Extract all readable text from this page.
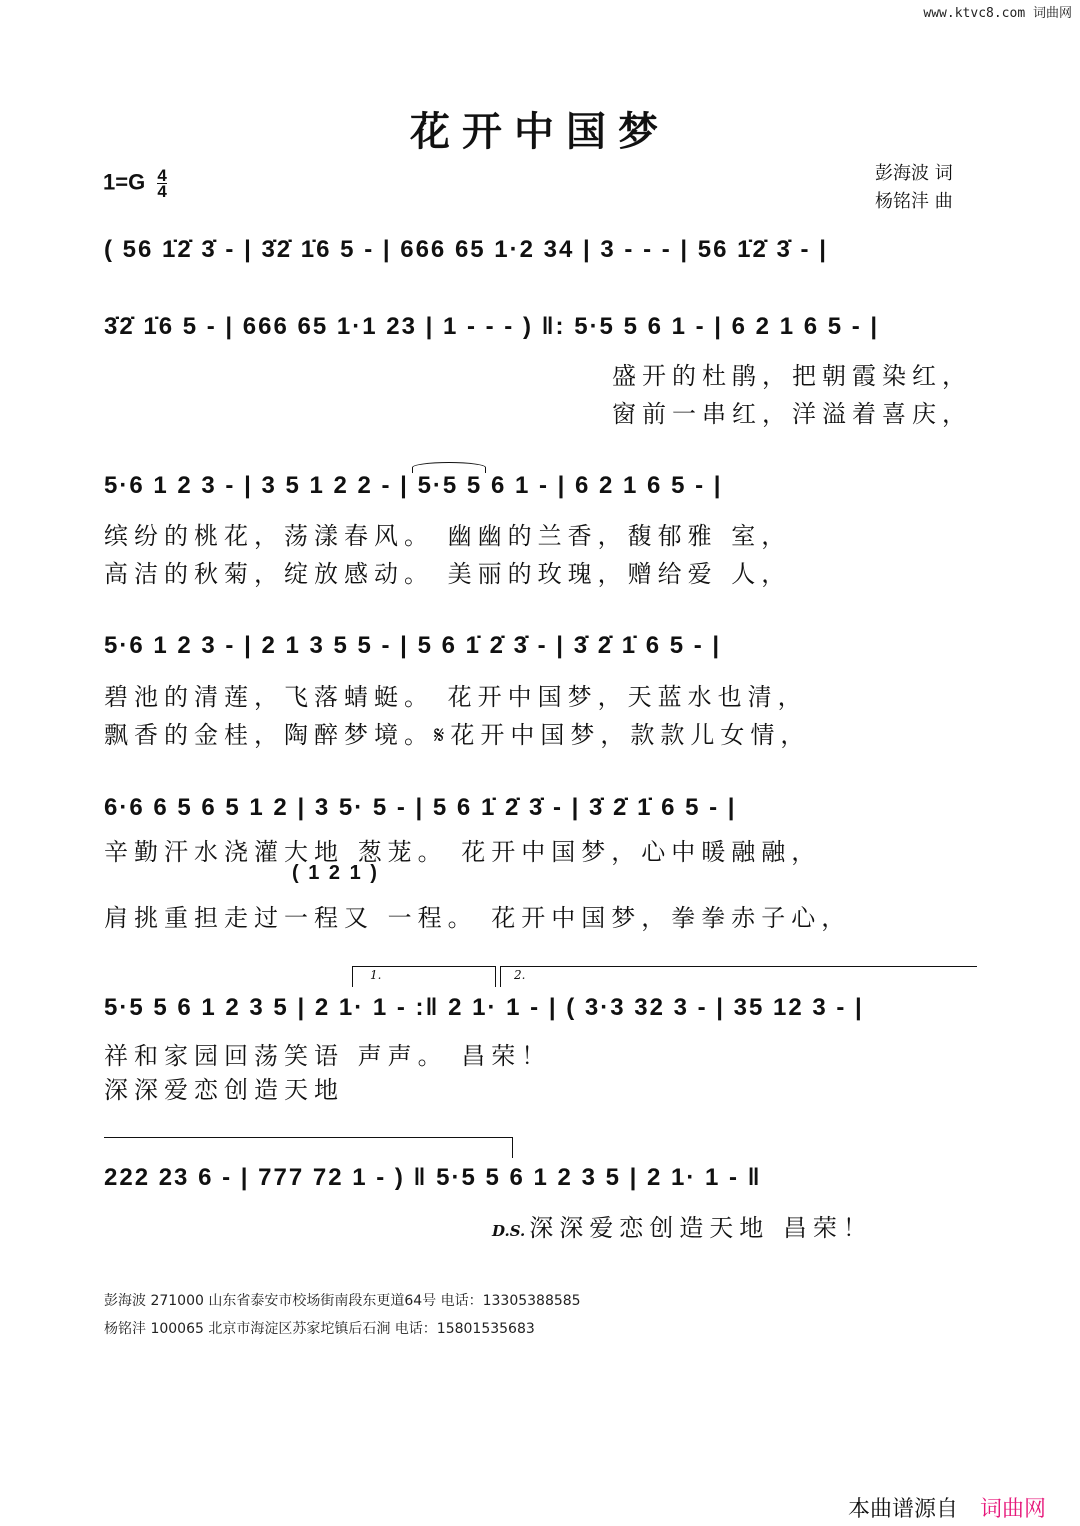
www.ktvc8.com 词曲网
花开中国梦
$1=G \frac{4}{4}$	彭海波 词
杨铭沣 曲
( 56 1̇2̇ 3̇ - | 3̇2̇ 1̇6 5 - | 666 65 1·2 34 | 3 - - - | 56 1̇2̇ 3̇ - |
3̇2̇ 1̇6 5 - | 666 65 1·1 23 | 1 - - - ) ‖: 5·5 5 6 1 - | 6 2 1 6 5 - |
盛开的杜鹃，把朝霞染红，
窗前一串红，洋溢着喜庆，
5·6 1 2 3 - | 3 5 1 2 2 - | 5·5 5 6 1 - | 6 2 1 6 5 - |
缤纷的桃花，荡漾春风。 幽幽的兰香，馥郁雅 室，
高洁的秋菊，绽放感动。 美丽的玫瑰，赠给爱 人，
5·6 1 2 3 - | 2 1 3 5 5 - | 5 6 1̇ 2̇ 3̇ - | 3̇ 2̇ 1̇ 6 5 - |
碧池的清莲，飞落蜻蜓。 花开中国梦，天蓝水也清，
飘香的金桂，陶醉梦境。𝄋花开中国梦，款款儿女情，
6·6 6 5 6 5 1 2 | 3 5· 5 - | 5 6 1̇ 2̇ 3̇ - | 3̇ 2̇ 1̇ 6 5 - |
辛勤汗水浇灌大地 葱茏。 花开中国梦，心中暖融融，
( 1 2 1 )
肩挑重担走过一程又 一程。 花开中国梦，拳拳赤子心，
1.	2.
5·5 5 6 1 2 3 5 | 2 1· 1 - :‖ 2 1· 1 - | ( 3·3 32 3 - | 35 12 3 - |
祥和家园回荡笑语 声声。 昌荣！
深深爱恋创造天地
222 23 6 - | 777 72 1 - ) ‖ 5·5 5 6 1 2 3 5 | 2 1· 1 - ‖
D.S. 深深爱恋创造天地 昌荣！
彭海波 271000 山东省泰安市校场街南段东更道64号 电话：13305388585
杨铭沣 100065 北京市海淀区苏家坨镇后石涧 电话：15801535683
本曲谱源自 词曲网
